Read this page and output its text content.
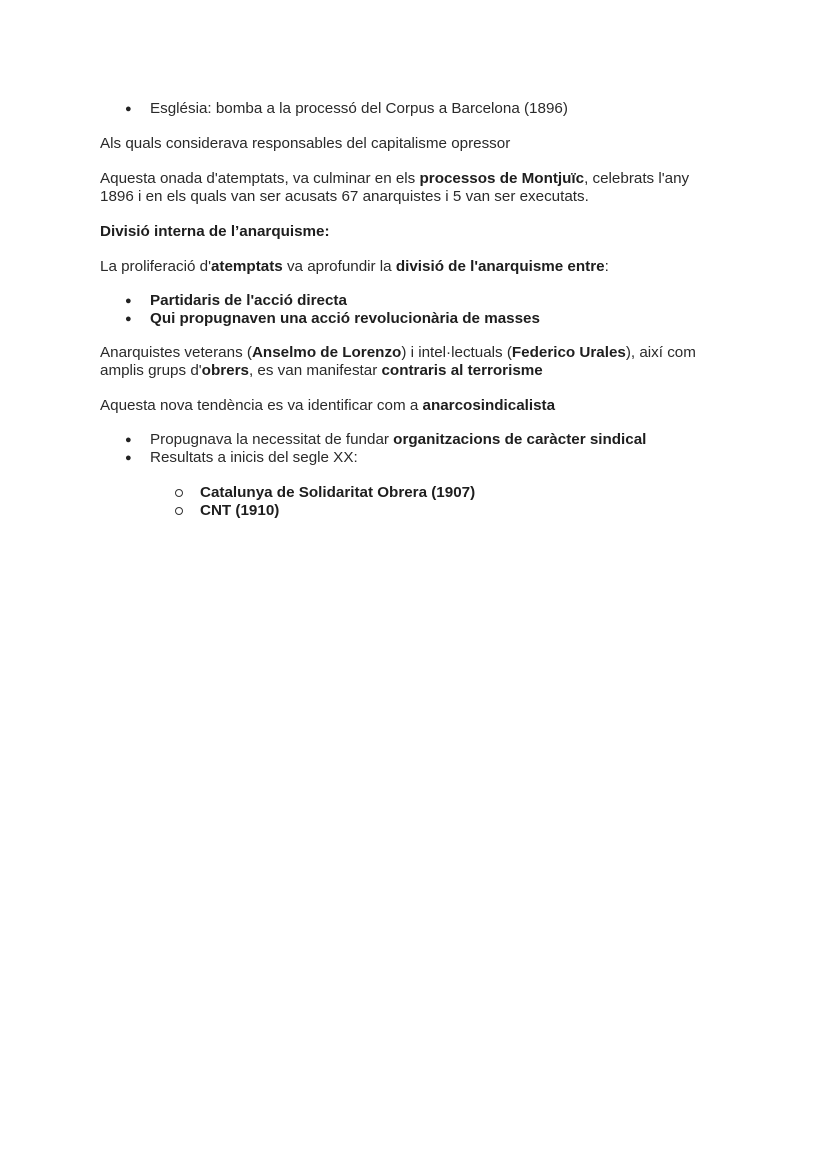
● Església: bomba a la processó del Corpus a Barcelona (1896)
Als quals considerava responsables del capitalisme opressor
Aquesta onada d'atemptats, va culminar en els processos de Montjuïc, celebrats l'any
1896 i en els quals van ser acusats 67 anarquistes i 5 van ser executats.
Divisió interna de l’anarquisme:
La proliferació d'atemptats va aprofundir la divisió de l'anarquisme entre:
● Partidaris de l'acció directa
● Qui propugnaven una acció revolucionària de masses
Anarquistes veterans (Anselmo de Lorenzo) i intel·lectuals (Federico Urales), així com
amplis grups d'obrers, es van manifestar contraris al terrorisme
Aquesta nova tendència es va identificar com a anarcosindicalista
● Propugnava la necessitat de fundar organitzacions de caràcter sindical
● Resultats a inicis del segle XX:
Catalunya de Solidaritat Obrera (1907)
CNT (1910)
